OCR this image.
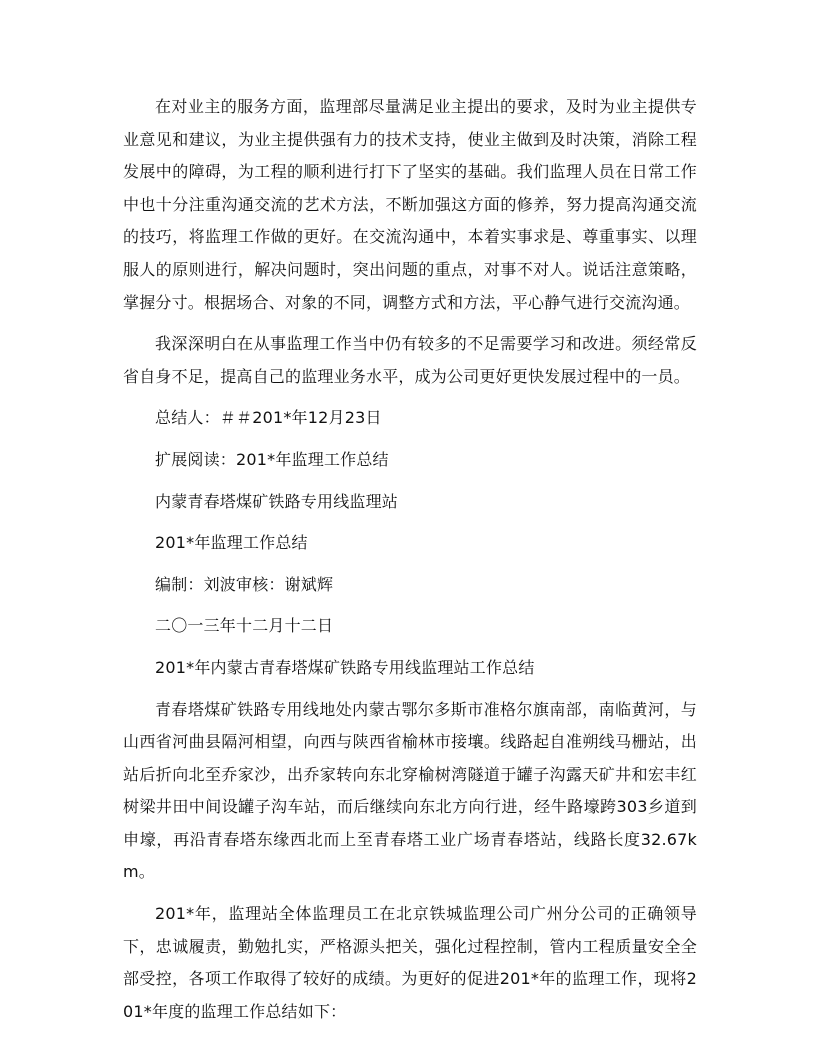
在对业主的服务方面，监理部尽量满足业主提出的要求，及时为业主提供专业意见和建议，为业主提供强有力的技术支持，使业主做到及时决策，消除工程发展中的障碍，为工程的顺利进行打下了坚实的基础。我们监理人员在日常工作中也十分注重沟通交流的艺术方法，不断加强这方面的修养，努力提高沟通交流的技巧，将监理工作做的更好。在交流沟通中，本着实事求是、尊重事实、以理服人的原则进行，解决问题时，突出问题的重点，对事不对人。说话注意策略，掌握分寸。根据场合、对象的不同，调整方式和方法，平心静气进行交流沟通。

我深深明白在从事监理工作当中仍有较多的不足需要学习和改进。须经常反省自身不足，提高自己的监理业务水平，成为公司更好更快发展过程中的一员。

总结人：＃＃201*年12月23日

扩展阅读：201*年监理工作总结

内蒙青春塔煤矿铁路专用线监理站

201*年监理工作总结

编制：刘波审核：谢斌辉

二〇一三年十二月十二日

201*年内蒙古青春塔煤矿铁路专用线监理站工作总结

青春塔煤矿铁路专用线地处内蒙古鄂尔多斯市准格尔旗南部，南临黄河，与山西省河曲县隔河相望，向西与陕西省榆林市接壤。线路起自准朔线马栅站，出站后折向北至乔家沙，出乔家转向东北穿榆树湾隧道于罐子沟露天矿井和宏丰红树梁井田中间设罐子沟车站，而后继续向东北方向行进，经牛路壕跨303乡道到申壕，再沿青春塔东缘西北而上至青春塔工业广场青春塔站，线路长度32.67km。

201*年，监理站全体监理员工在北京铁城监理公司广州分公司的正确领导下，忠诚履责，勤勉扎实，严格源头把关，强化过程控制，管内工程质量安全全部受控，各项工作取得了较好的成绩。为更好的促进201*年的监理工作，现将201*年度的监理工作总结如下：
